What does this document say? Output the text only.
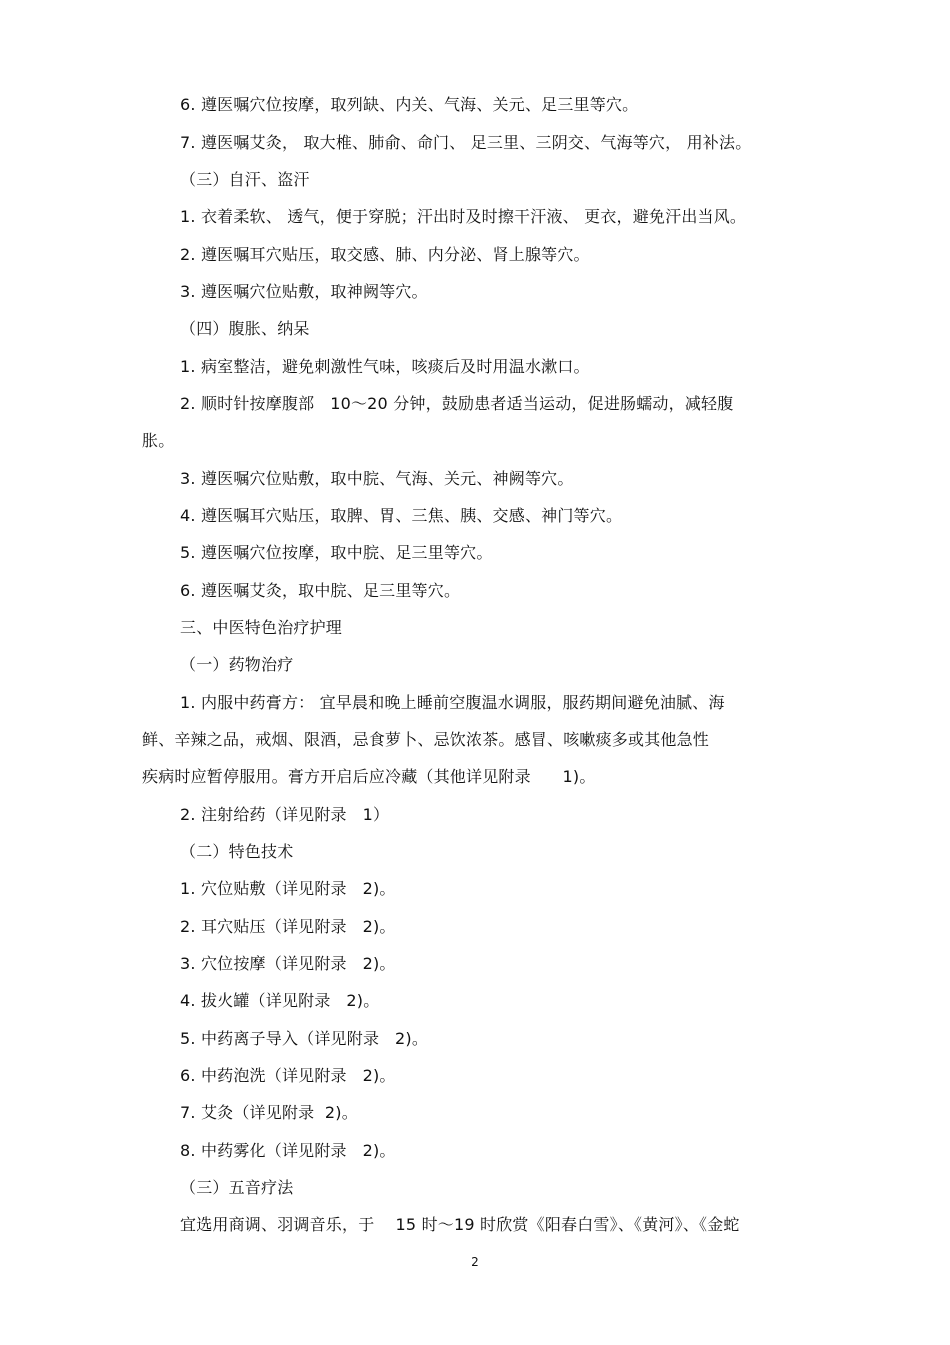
6. 遵医嘱穴位按摩，取列缺、内关、气海、关元、足三里等穴。
7. 遵医嘱艾灸， 取大椎、肺俞、命门、 足三里、三阴交、气海等穴， 用补法。
（三）自汗、盗汗
1. 衣着柔软、 透气，便于穿脱；汗出时及时擦干汗液、 更衣，避免汗出当风。
2. 遵医嘱耳穴贴压，取交感、肺、内分泌、肾上腺等穴。
3. 遵医嘱穴位贴敷，取神阙等穴。
（四）腹胀、纳呆
1. 病室整洁，避免刺激性气味，咳痰后及时用温水漱口。
2. 顺时针按摩腹部   10～20 分钟，鼓励患者适当运动，促进肠蠕动，减轻腹
胀。
3. 遵医嘱穴位贴敷，取中脘、气海、关元、神阙等穴。
4. 遵医嘱耳穴贴压，取脾、胃、三焦、胰、交感、神门等穴。
5. 遵医嘱穴位按摩，取中脘、足三里等穴。
6. 遵医嘱艾灸，取中脘、足三里等穴。
三、中医特色治疗护理
（一）药物治疗
1. 内服中药膏方： 宜早晨和晚上睡前空腹温水调服，服药期间避免油腻、海
鲜、辛辣之品，戒烟、限酒，忌食萝卜、忌饮浓茶。感冒、咳嗽痰多或其他急性
疾病时应暂停服用。膏方开启后应冷藏（其他详见附录      1)。
2. 注射给药（详见附录   1）
（二）特色技术
1. 穴位贴敷（详见附录   2)。
2. 耳穴贴压（详见附录   2)。
3. 穴位按摩（详见附录   2)。
4. 拔火罐（详见附录   2)。
5. 中药离子导入（详见附录   2)。
6. 中药泡洗（详见附录   2)。
7. 艾灸（详见附录  2)。
8. 中药雾化（详见附录   2)。
（三）五音疗法
宜选用商调、羽调音乐，于    15 时～19 时欣赏《阳春白雪》、《黄河》、《金蛇
2
